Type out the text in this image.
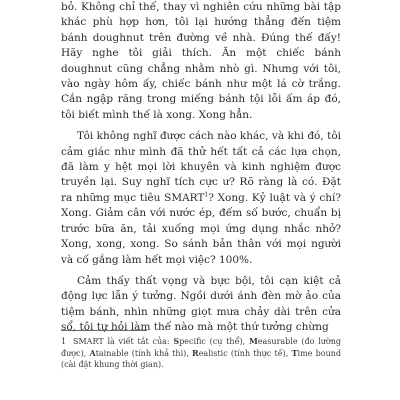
bỏ. Không chỉ thế, thay vì nghiên cứu những bài tập khác phù hợp hơn, tôi lại hướng thẳng đến tiệm bánh doughnut trên đường về nhà. Đúng thế đấy! Hãy nghe tôi giải thích. Ăn một chiếc bánh doughnut cũng chẳng nhằm nhò gì. Nhưng với tôi, vào ngày hôm ấy, chiếc bánh như một lá cờ trắng. Cắn ngập răng trong miếng bánh tội lỗi ấm áp đó, tôi biết mình thế là xong. Xong hẳn.

Tôi không nghĩ được cách nào khác, và khi đó, tôi cảm giác như mình đã thử hết tất cả các lựa chọn, đã làm y hệt mọi lời khuyên và kinh nghiệm được truyền lại. Suy nghĩ tích cực ư? Rõ ràng là có. Đặt ra những mục tiêu SMART$^1$? Xong. Kỷ luật và ý chí? Xong. Giảm cân với nước ép, đếm số bước, chuẩn bị trước bữa ăn, tải xuống mọi ứng dụng nhắc nhở? Xong, xong, xong. So sánh bản thân với mọi người và cố gắng làm hết mọi việc? 100%.

Cảm thấy thất vọng và bực bội, tôi cạn kiệt cả động lực lẫn ý tưởng. Ngồi dưới ánh đèn mờ ảo của tiệm bánh, nhìn những giọt mưa chảy dài trên cửa sổ, tôi tự hỏi làm thế nào mà một thứ tưởng chừng

1 SMART là viết tắt của: Specific (cụ thể), Measurable (đo lường được), Atainable (tính khả thi), Realistic (tính thực tế), Time bound (cài đặt khung thời gian).
